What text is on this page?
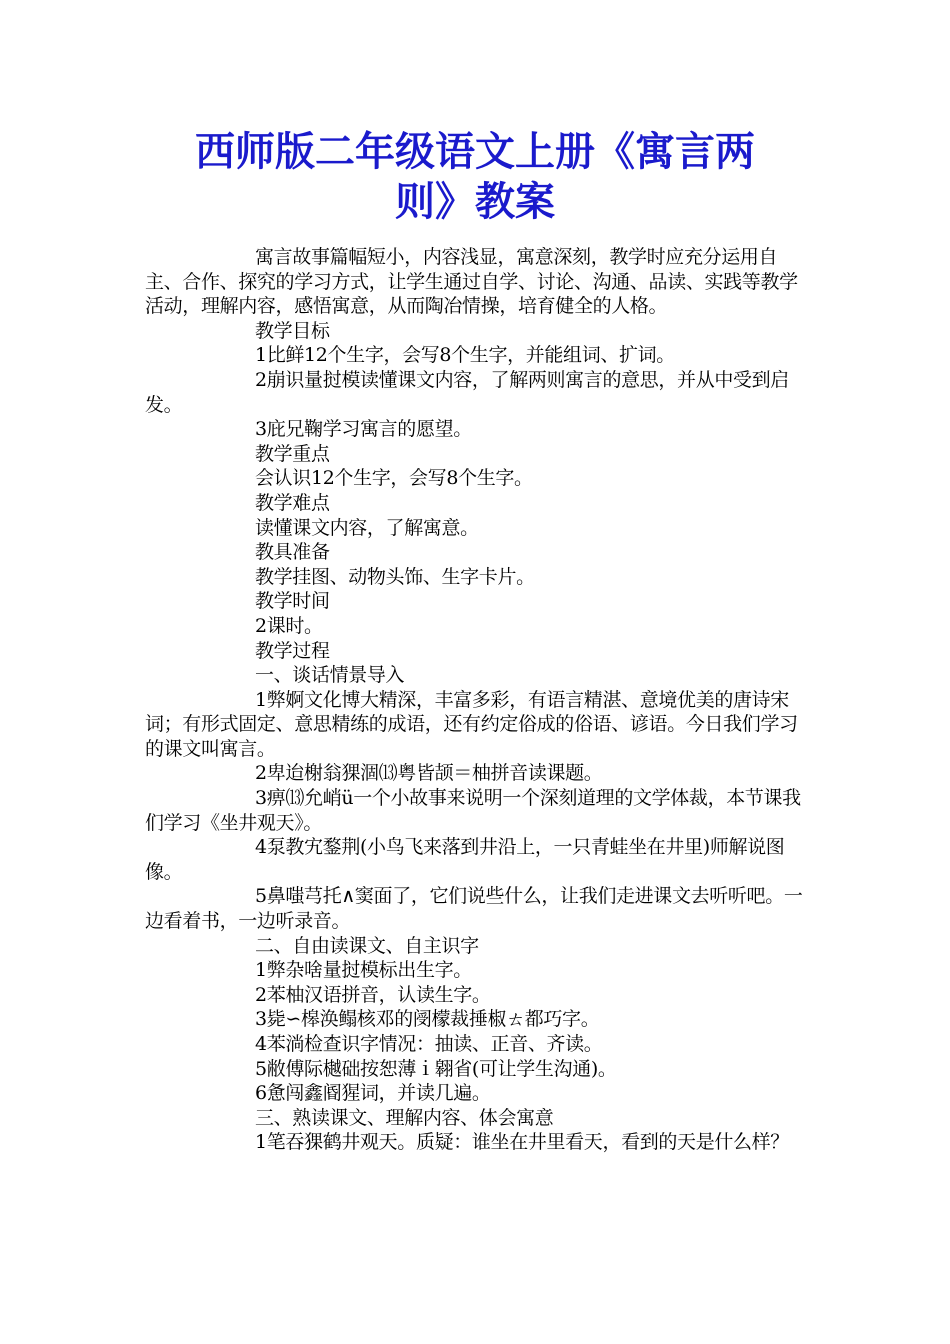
西师版二年级语文上册《寓言两
则》教案

寓言故事篇幅短小，内容浅显，寓意深刻，教学时应充分运用自主、合作、探究的学习方式，让学生通过自学、讨论、沟通、品读、实践等教学活动，理解内容，感悟寓意，从而陶冶情操，培育健全的人格。

教学目标

1比鲜12个生字，会写8个生字，并能组词、扩词。

2崩识量挝模读懂课文内容，了解两则寓言的意思，并从中受到启发。

3庇兄鞠学习寓言的愿望。

教学重点

会认识12个生字，会写8个生字。

教学难点

读懂课文内容，了解寓意。

教具准备

教学挂图、动物头饰、生字卡片。

教学时间

2课时。

教学过程

一、谈话情景导入

1弊婀文化博大精深，丰富多彩，有语言精湛、意境优美的唐诗宋词；有形式固定、意思精练的成语，还有约定俗成的俗语、谚语。今日我们学习的课文叫寓言。

2卑迨榭翁猓涸⒀粤皆颉＝柚拼音读课题。

3痹⒀允峭ü一个小故事来说明一个深刻道理的文学体裁，本节课我们学习《坐井观天》。

4泵教宄鍪荆(小鸟飞来落到井沿上，一只青蛙坐在井里)师解说图像。

5鼻嗤芎托∧窦面了，它们说些什么，让我们走进课文去听听吧。一边看着书，一边听录音。

二、自由读课文、自主识字

1弊杂啥量挝模标出生字。

2苯柚汉语拼音，认读生字。

3毙∽槔涣鳎核邓的阌檬裁捶椒ㄊ都巧字。

4苯淌检查识字情况：抽读、正音、齐读。

5敝傅际樾础按恕薄ｉ翱省(可让学生沟通)。

6惫闯鑫阍猩词，并读几遍。

三、熟读课文、理解内容、体会寓意

1笔吞猓鹤井观天。质疑：谁坐在井里看天，看到的天是什么样？
